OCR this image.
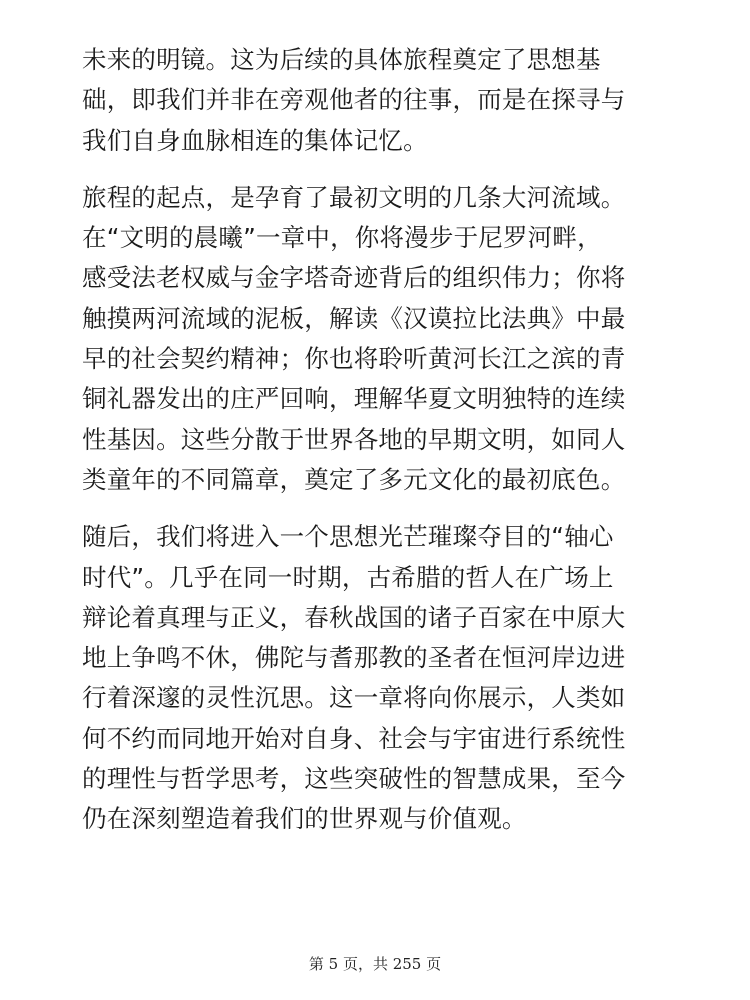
未来的明镜。这为后续的具体旅程奠定了思想基
础，即我们并非在旁观他者的往事，而是在探寻与
我们自身血脉相连的集体记忆。

旅程的起点，是孕育了最初文明的几条大河流域。
在“文明的晨曦”一章中，你将漫步于尼罗河畔，
感受法老权威与金字塔奇迹背后的组织伟力；你将
触摸两河流域的泥板，解读《汉谟拉比法典》中最
早的社会契约精神；你也将聆听黄河长江之滨的青
铜礼器发出的庄严回响，理解华夏文明独特的连续
性基因。这些分散于世界各地的早期文明，如同人
类童年的不同篇章，奠定了多元文化的最初底色。

随后，我们将进入一个思想光芒璀璨夺目的“轴心
时代”。几乎在同一时期，古希腊的哲人在广场上
辩论着真理与正义，春秋战国的诸子百家在中原大
地上争鸣不休，佛陀与耆那教的圣者在恒河岸边进
行着深邃的灵性沉思。这一章将向你展示，人类如
何不约而同地开始对自身、社会与宇宙进行系统性
的理性与哲学思考，这些突破性的智慧成果，至今
仍在深刻塑造着我们的世界观与价值观。

第 5 页，共 255 页
